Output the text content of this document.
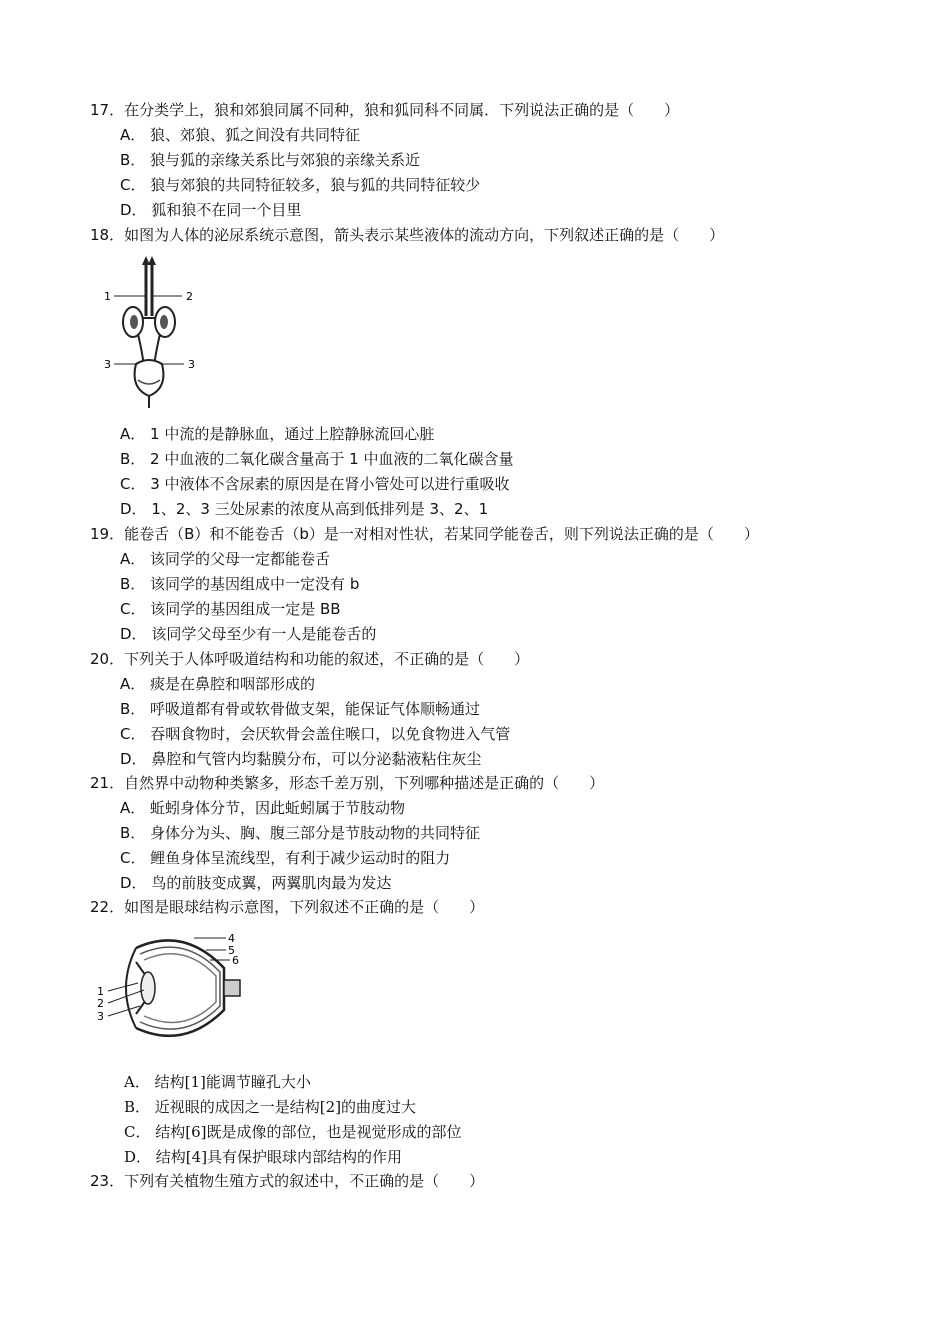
17．在分类学上，狼和郊狼同属不同种，狼和狐同科不同属．下列说法正确的是（　　）
A． 狼、郊狼、狐之间没有共同特征
B． 狼与狐的亲缘关系比与郊狼的亲缘关系近
C． 狼与郊狼的共同特征较多，狼与狐的共同特征较少
D． 狐和狼不在同一个目里
18．如图为人体的泌尿系统示意图，箭头表示某些液体的流动方向，下列叙述正确的是（　　）
1	2
3	3
A． 1 中流的是静脉血，通过上腔静脉流回心脏
B． 2 中血液的二氧化碳含量高于 1 中血液的二氧化碳含量
C． 3 中液体不含尿素的原因是在肾小管处可以进行重吸收
D． 1、2、3 三处尿素的浓度从高到低排列是 3、2、1
19．能卷舌（B）和不能卷舌（b）是一对相对性状，若某同学能卷舌，则下列说法正确的是（　　）
A． 该同学的父母一定都能卷舌
B． 该同学的基因组成中一定没有 b
C． 该同学的基因组成一定是 BB
D． 该同学父母至少有一人是能卷舌的
20．下列关于人体呼吸道结构和功能的叙述，不正确的是（　　）
A． 痰是在鼻腔和咽部形成的
B． 呼吸道都有骨或软骨做支架，能保证气体顺畅通过
C． 吞咽食物时，会厌软骨会盖住喉口，以免食物进入气管
D． 鼻腔和气管内均黏膜分布，可以分泌黏液粘住灰尘
21．自然界中动物种类繁多，形态千差万别，下列哪种描述是正确的（　　）
A． 蚯蚓身体分节，因此蚯蚓属于节肢动物
B． 身体分为头、胸、腹三部分是节肢动物的共同特征
C． 鲤鱼身体呈流线型，有利于减少运动时的阻力
D． 鸟的前肢变成翼，两翼肌肉最为发达
22．如图是眼球结构示意图，下列叙述不正确的是（　　）
4
5
6
1
2
3
A． 结构[1]能调节瞳孔大小
B． 近视眼的成因之一是结构[2]的曲度过大
C． 结构[6]既是成像的部位，也是视觉形成的部位
D． 结构[4]具有保护眼球内部结构的作用
23．下列有关植物生殖方式的叙述中，不正确的是（　　）
